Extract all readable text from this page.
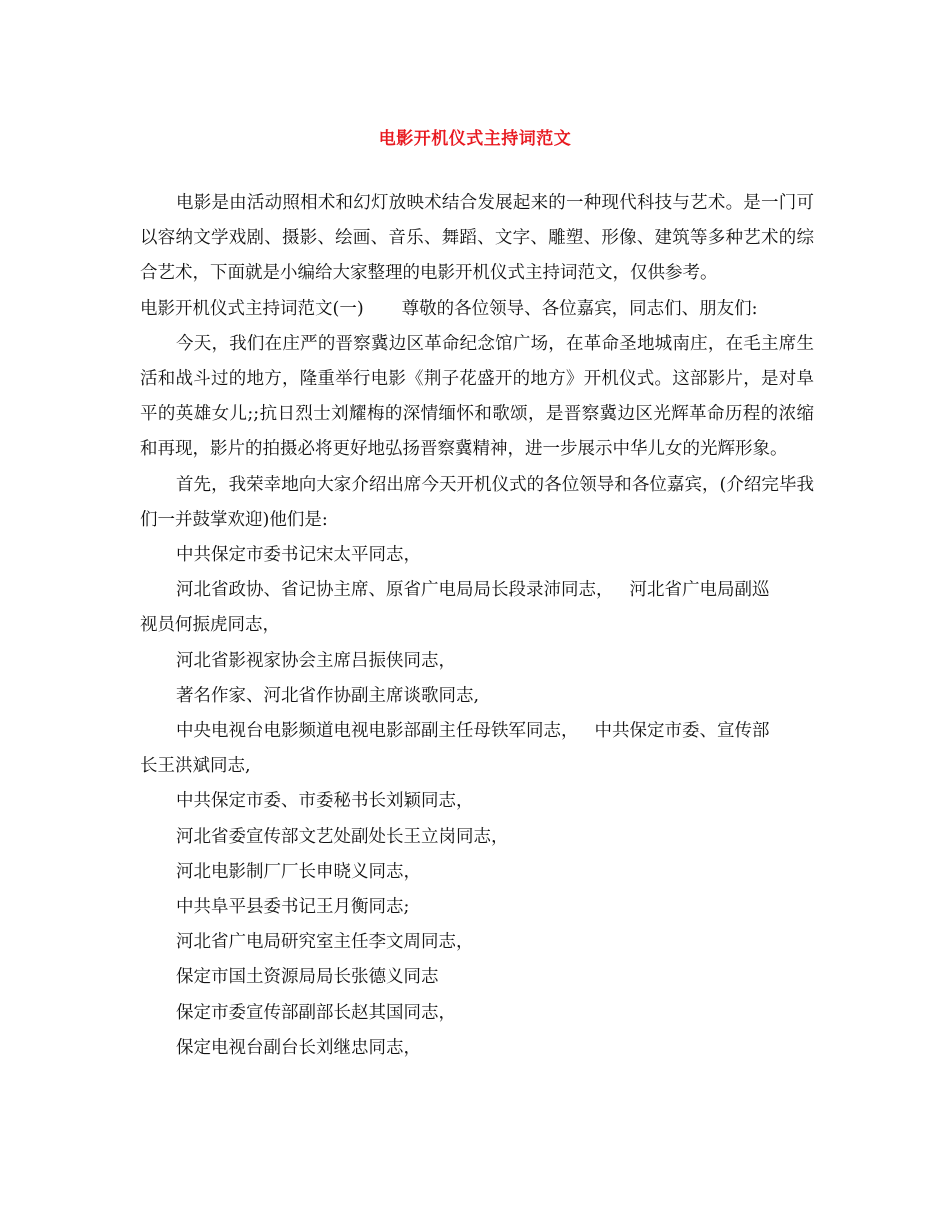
电影开机仪式主持词范文

电影是由活动照相术和幻灯放映术结合发展起来的一种现代科技与艺术。是一门可以容纳文学戏剧、摄影、绘画、音乐、舞蹈、文字、雕塑、形像、建筑等多种艺术的综合艺术，下面就是小编给大家整理的电影开机仪式主持词范文，仅供参考。

电影开机仪式主持词范文(一) 尊敬的各位领导、各位嘉宾，同志们、朋友们:

今天，我们在庄严的晋察冀边区革命纪念馆广场，在革命圣地城南庄，在毛主席生活和战斗过的地方，隆重举行电影《荆子花盛开的地方》开机仪式。这部影片，是对阜平的英雄女儿;;抗日烈士刘耀梅的深情缅怀和歌颂，是晋察冀边区光辉革命历程的浓缩和再现，影片的拍摄必将更好地弘扬晋察冀精神，进一步展示中华儿女的光辉形象。

首先，我荣幸地向大家介绍出席今天开机仪式的各位领导和各位嘉宾，(介绍完毕我们一并鼓掌欢迎)他们是:

中共保定市委书记宋太平同志，

河北省政协、省记协主席、原省广电局局长段录沛同志， 河北省广电局副巡

视员何振虎同志，

河北省影视家协会主席吕振侠同志，

著名作家、河北省作协副主席谈歌同志,

中央电视台电影频道电视电影部副主任母铁军同志， 中共保定市委、宣传部

长王洪斌同志,

中共保定市委、市委秘书长刘颖同志，

河北省委宣传部文艺处副处长王立岗同志，

河北电影制厂厂长申晓义同志，

中共阜平县委书记王月衡同志;

河北省广电局研究室主任李文周同志，

保定市国土资源局局长张德义同志

保定市委宣传部副部长赵其国同志，

保定电视台副台长刘继忠同志，
